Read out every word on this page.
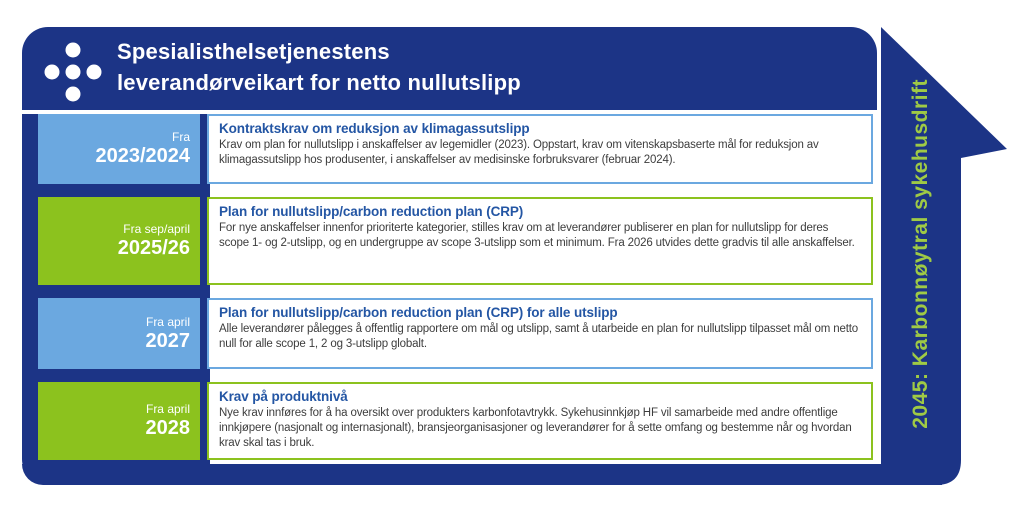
Spesialisthelsetjenestens
leverandørveikart for netto nullutslipp
Fra
2023/2024
Kontraktskrav om reduksjon av klimagassutslipp
Krav om plan for nullutslipp i anskaffelser av legemidler (2023). Oppstart, krav om vitenskapsbaserte mål for reduksjon av klimagassutslipp hos produsenter, i anskaffelser av medisinske forbruksvarer (februar 2024).
Fra sep/april
2025/26
Plan for nullutslipp/carbon reduction plan (CRP)
For nye anskaffelser innenfor prioriterte kategorier, stilles krav om at leverandører publiserer en plan for nullutslipp for deres scope 1- og 2-utslipp, og en undergruppe av scope 3-utslipp som et minimum. Fra 2026 utvides dette gradvis til alle anskaffelser.
Fra april
2027
Plan for nullutslipp/carbon reduction plan (CRP) for alle utslipp
Alle leverandører pålegges å offentlig rapportere om mål og utslipp, samt å utarbeide en plan for nullutslipp tilpasset mål om netto null for alle scope 1, 2 og 3-utslipp globalt.
Fra april
2028
Krav på produktnivå
Nye krav innføres for å ha oversikt over produkters karbonfotavtrykk. Sykehusinnkjøp HF vil samarbeide med andre offentlige innkjøpere (nasjonalt og internasjonalt), bransjeorganisasjoner og leverandører for å sette omfang og bestemme når og hvordan krav skal tas i bruk.
2045: Karbonnøytral sykehusdrift
